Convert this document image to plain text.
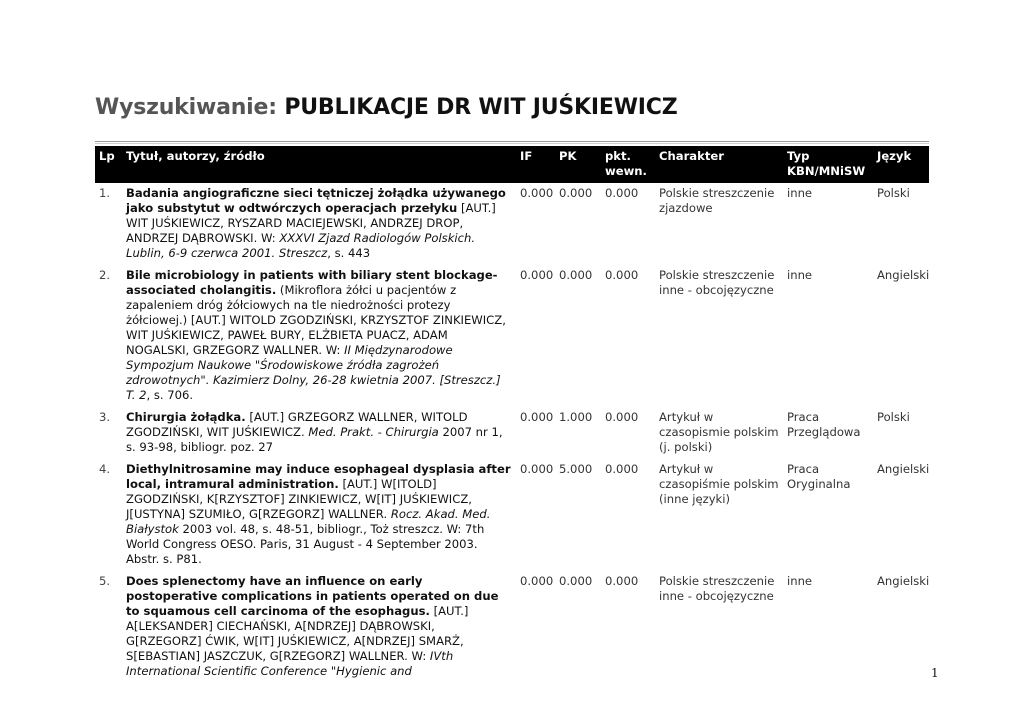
Wyszukiwanie: PUBLIKACJE DR WIT JUŚKIEWICZ
Lp	Tytuł, autorzy, źródło	IF	PK	pkt. wewn.	Charakter	Typ KBN/MNiSW	Język
1.	Badania angiograficzne sieci tętniczej żołądka używanego jako substytut w odtwórczych operacjach przełyku [AUT.] WIT JUŚKIEWICZ, RYSZARD MACIEJEWSKI, ANDRZEJ DROP, ANDRZEJ DĄBROWSKI. W: XXXVI Zjazd Radiologów Polskich. Lublin, 6-9 czerwca 2001. Streszcz, s. 443	0.000	0.000	0.000	Polskie streszczenie zjazdowe	inne	Polski
2.	Bile microbiology in patients with biliary stent blockage-associated cholangitis. (Mikroflora żółci u pacjentów z zapaleniem dróg żółciowych na tle niedrożności protezy żółciowej.) [AUT.] WITOLD ZGODZIŃSKI, KRZYSZTOF ZINKIEWICZ, WIT JUŚKIEWICZ, PAWEŁ BURY, ELŻBIETA PUACZ, ADAM NOGALSKI, GRZEGORZ WALLNER. W: II Międzynarodowe Sympozjum Naukowe "Środowiskowe źródła zagrożeń zdrowotnych". Kazimierz Dolny, 26-28 kwietnia 2007. [Streszcz.] T. 2, s. 706.	0.000	0.000	0.000	Polskie streszczenie inne - obcojęzyczne	inne	Angielski
3.	Chirurgia żołądka. [AUT.] GRZEGORZ WALLNER, WITOLD ZGODZIŃSKI, WIT JUŚKIEWICZ. Med. Prakt. - Chirurgia 2007 nr 1, s. 93-98, bibliogr. poz. 27	0.000	1.000	0.000	Artykuł w czasopismie polskim (j. polski)	Praca Przeglądowa	Polski
4.	Diethylnitrosamine may induce esophageal dysplasia after local, intramural administration. [AUT.] W[ITOLD] ZGODZIŃSKI, K[RZYSZTOF] ZINKIEWICZ, W[IT] JUŚKIEWICZ, J[USTYNA] SZUMIŁO, G[RZEGORZ] WALLNER. Rocz. Akad. Med. Białystok 2003 vol. 48, s. 48-51, bibliogr., Toż streszcz. W: 7th World Congress OESO. Paris, 31 August - 4 September 2003. Abstr. s. P81.	0.000	5.000	0.000	Artykuł w czasopiśmie polskim (inne języki)	Praca Oryginalna	Angielski
5.	Does splenectomy have an influence on early postoperative complications in patients operated on due to squamous cell carcinoma of the esophagus. [AUT.] A[LEKSANDER] CIECHAŃSKI, A[NDRZEJ] DĄBROWSKI, G[RZEGORZ] ĆWIK, W[IT] JUŚKIEWICZ, A[NDRZEJ] SMARŻ, S[EBASTIAN] JASZCZUK, G[RZEGORZ] WALLNER. W: IVth International Scientific Conference "Hygienic and	0.000	0.000	0.000	Polskie streszczenie inne - obcojęzyczne	inne	Angielski
1
